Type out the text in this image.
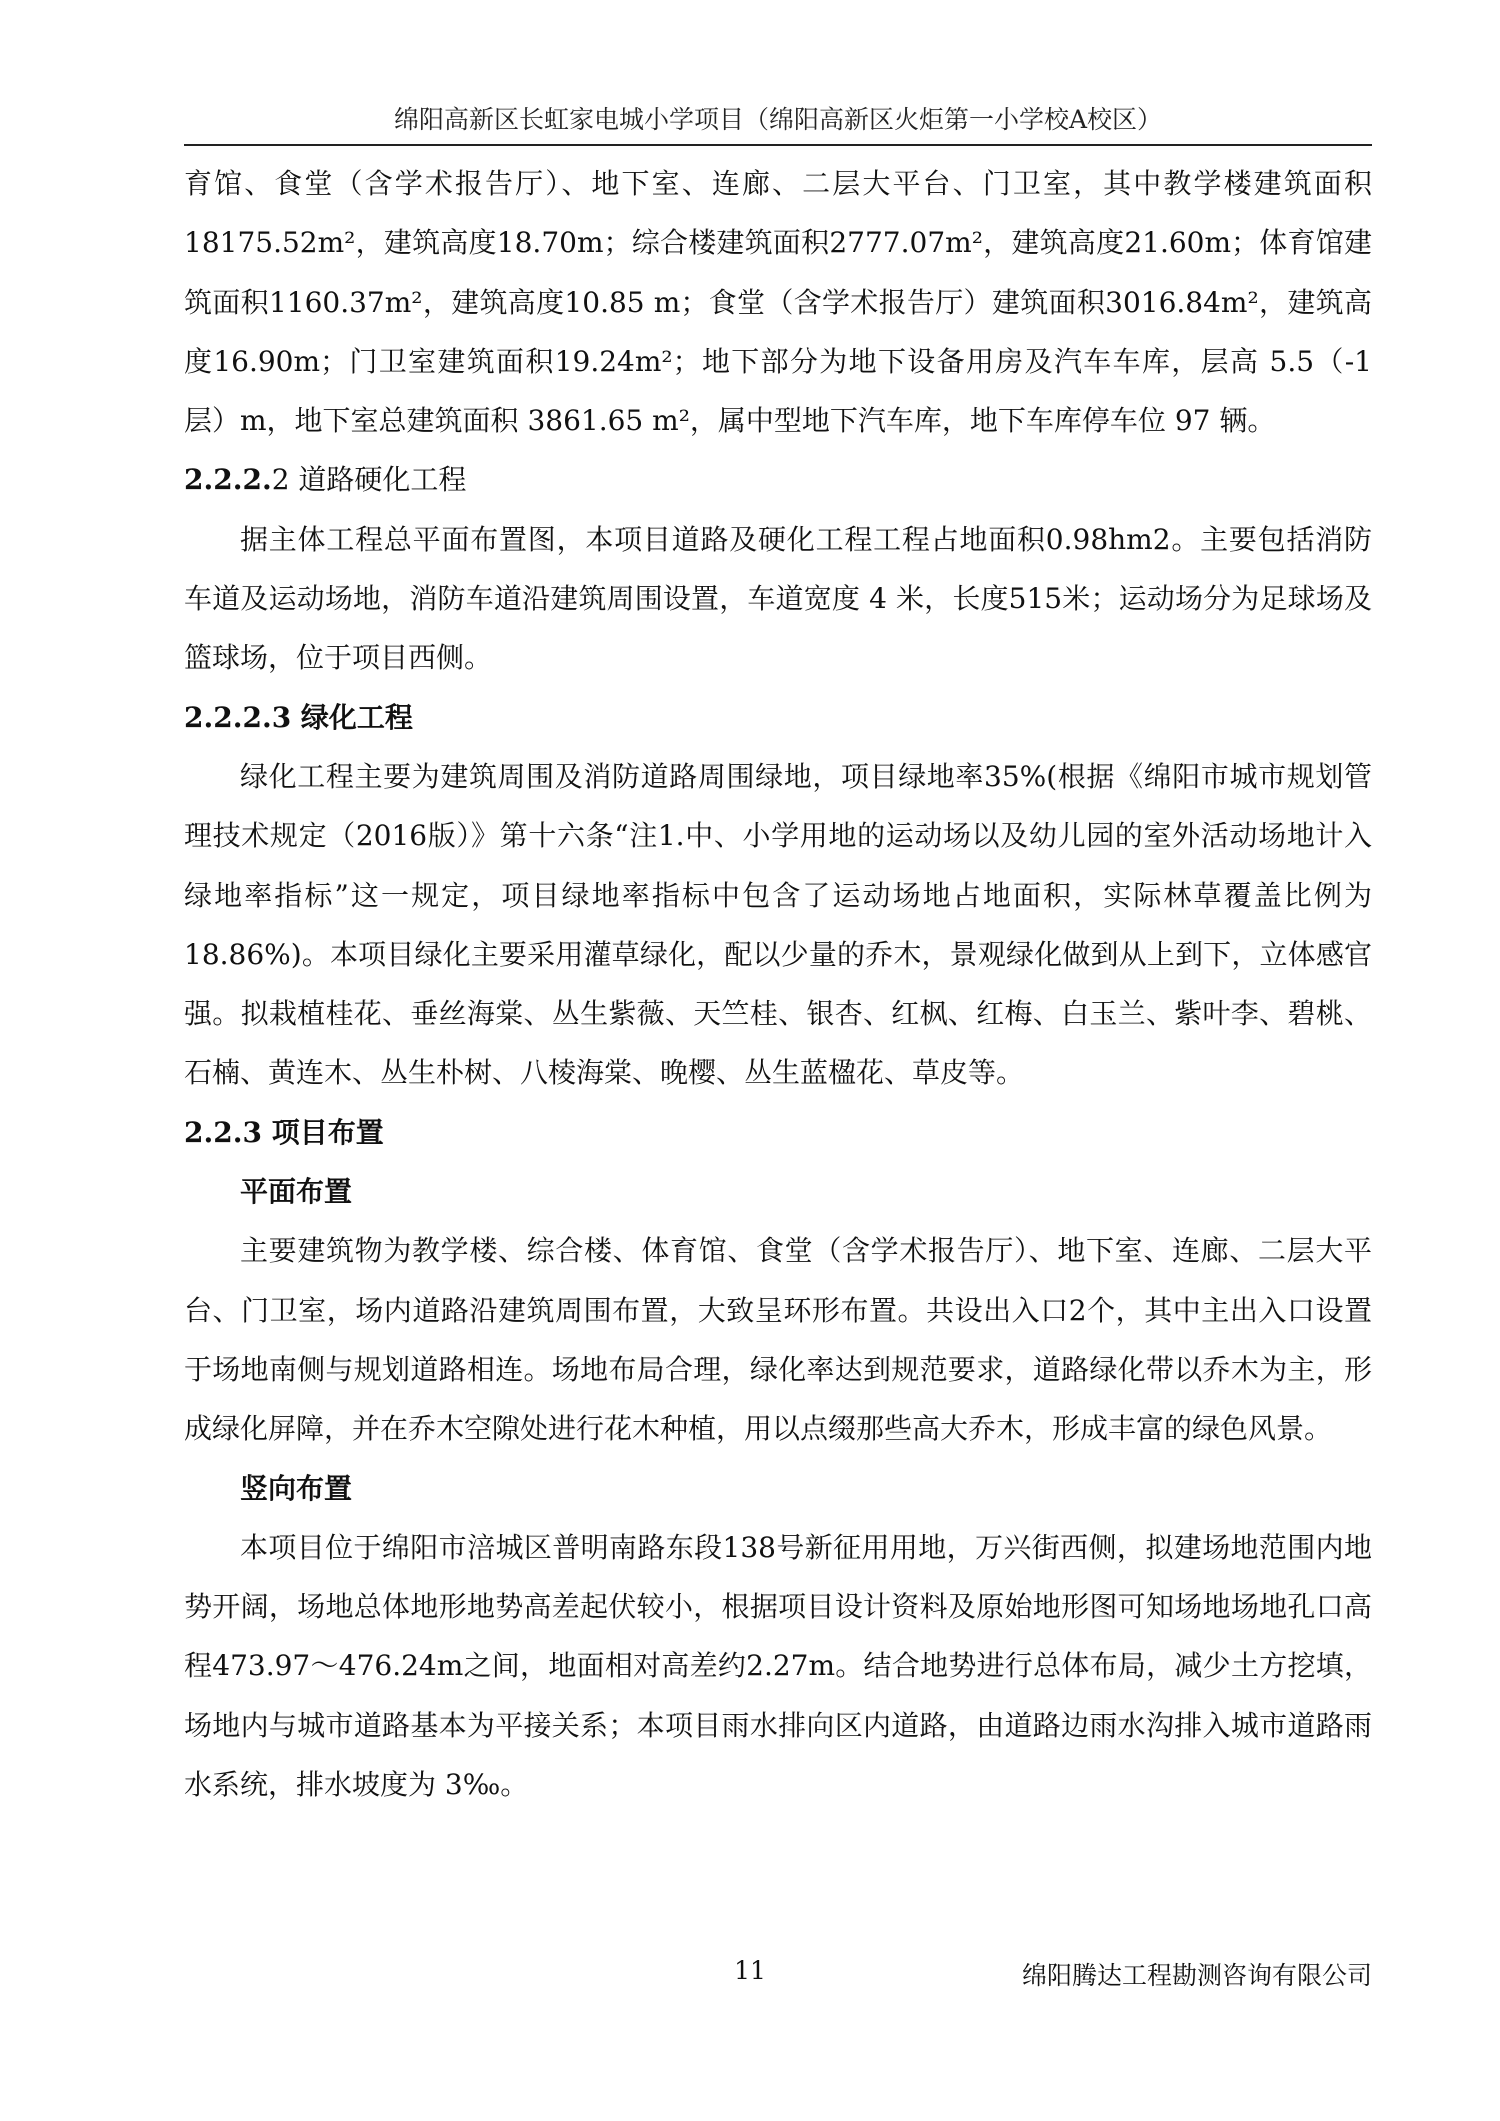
绵阳高新区长虹家电城小学项目（绵阳高新区火炬第一小学校A校区）

育馆、食堂（含学术报告厅）、地下室、连廊、二层大平台、门卫室，其中教学楼建筑面积18175.52m²，建筑高度18.70m；综合楼建筑面积2777.07m²，建筑高度21.60m；体育馆建筑面积1160.37m²，建筑高度10.85 m；食堂（含学术报告厅）建筑面积3016.84m²，建筑高度16.90m；门卫室建筑面积19.24m²；地下部分为地下设备用房及汽车车库，层高 5.5（-1 层）m，地下室总建筑面积 3861.65 m²，属中型地下汽车库，地下车库停车位 97 辆。

2.2.2.2 道路硬化工程

据主体工程总平面布置图，本项目道路及硬化工程工程占地面积0.98hm2。主要包括消防车道及运动场地，消防车道沿建筑周围设置，车道宽度 4 米，长度515米；运动场分为足球场及篮球场，位于项目西侧。

2.2.2.3 绿化工程

绿化工程主要为建筑周围及消防道路周围绿地，项目绿地率35%(根据《绵阳市城市规划管理技术规定（2016版）》第十六条“注1.中、小学用地的运动场以及幼儿园的室外活动场地计入绿地率指标”这一规定，项目绿地率指标中包含了运动场地占地面积，实际林草覆盖比例为18.86%)。本项目绿化主要采用灌草绿化，配以少量的乔木，景观绿化做到从上到下，立体感官强。拟栽植桂花、垂丝海棠、丛生紫薇、天竺桂、银杏、红枫、红梅、白玉兰、紫叶李、碧桃、石楠、黄连木、丛生朴树、八棱海棠、晚樱、丛生蓝楹花、草皮等。

2.2.3 项目布置
平面布置

主要建筑物为教学楼、综合楼、体育馆、食堂（含学术报告厅）、地下室、连廊、二层大平台、门卫室，场内道路沿建筑周围布置，大致呈环形布置。共设出入口2个，其中主出入口设置于场地南侧与规划道路相连。场地布局合理，绿化率达到规范要求，道路绿化带以乔木为主，形成绿化屏障，并在乔木空隙处进行花木种植，用以点缀那些高大乔木，形成丰富的绿色风景。

竖向布置

本项目位于绵阳市涪城区普明南路东段138号新征用用地，万兴街西侧，拟建场地范围内地势开阔，场地总体地形地势高差起伏较小，根据项目设计资料及原始地形图可知场地场地孔口高程473.97～476.24m之间，地面相对高差约2.27m。结合地势进行总体布局，减少土方挖填，场地内与城市道路基本为平接关系；本项目雨水排向区内道路，由道路边雨水沟排入城市道路雨水系统，排水坡度为 3‰。

11	绵阳腾达工程勘测咨询有限公司
